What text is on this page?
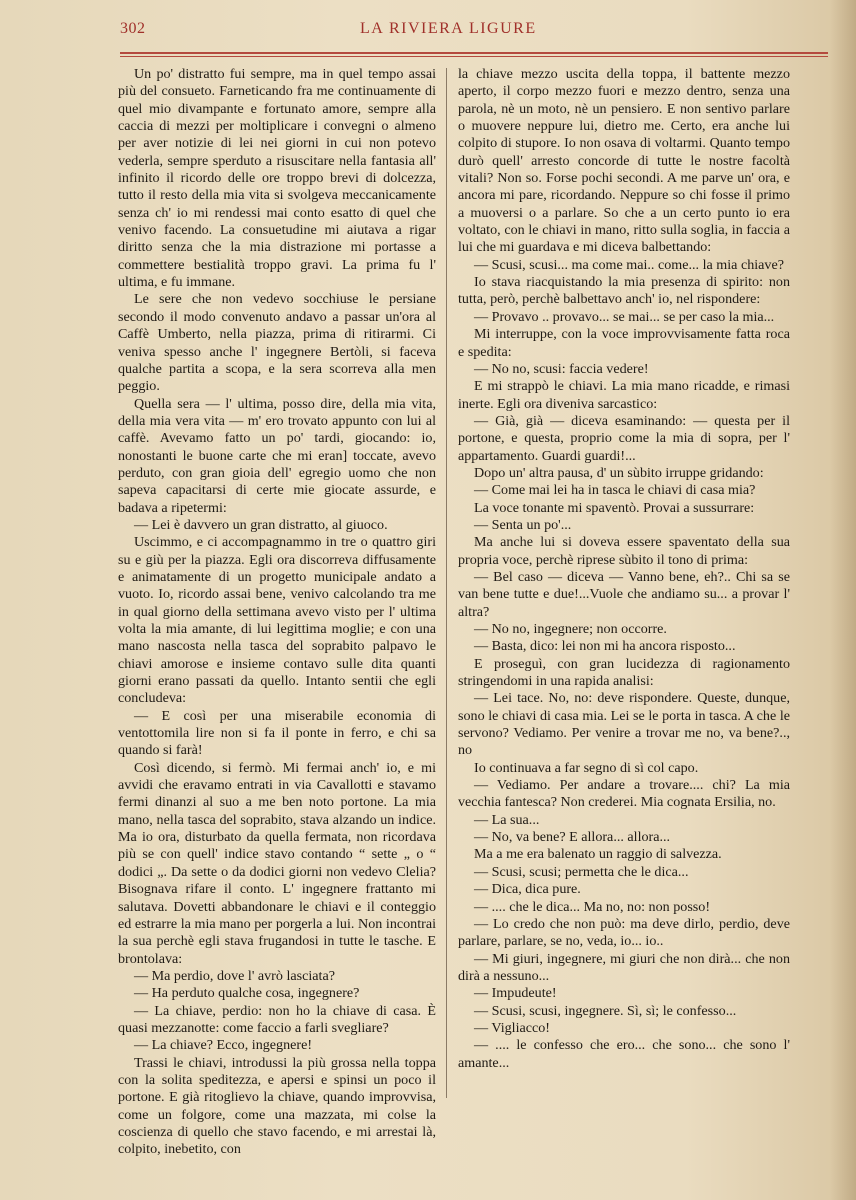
302	LA RIVIERA LIGURE

Un po' distratto fui sempre, ma in quel tempo assai più del consueto. Farneticando fra me continuamente di quel mio divampante e fortunato amore, sempre alla caccia di mezzi per moltiplicare i convegni o almeno per aver notizie di lei nei giorni in cui non potevo vederla, sempre sperduto a risuscitare nella fantasia all' infinito il ricordo delle ore troppo brevi di dolcezza, tutto il resto della mia vita si svolgeva meccanicamente senza ch' io mi rendessi mai conto esatto di quel che venivo facendo. La consuetudine mi aiutava a rigar diritto senza che la mia distrazione mi portasse a commettere bestialità troppo gravi. La prima fu l' ultima, e fu immane.

Le sere che non vedevo socchiuse le persiane secondo il modo convenuto andavo a passar un'ora al Caffè Umberto, nella piazza, prima di ritirarmi. Ci veniva spesso anche l' ingegnere Bertòli, si faceva qualche partita a scopa, e la sera scorreva alla men peggio.

Quella sera — l' ultima, posso dire, della mia vita, della mia vera vita — m' ero trovato appunto con lui al caffè. Avevamo fatto un po' tardi, giocando: io, nonostanti le buone carte che mi eran] toccate, avevo perduto, con gran gioia dell' egregio uomo che non sapeva capacitarsi di certe mie giocate assurde, e badava a ripetermi:

— Lei è davvero un gran distratto, al giuoco.

Uscimmo, e ci accompagnammo in tre o quattro giri su e giù per la piazza. Egli ora discorreva diffusamente e animatamente di un progetto municipale andato a vuoto. Io, ricordo assai bene, venivo calcolando tra me in qual giorno della settimana avevo visto per l' ultima volta la mia amante, di lui legittima moglie; e con una mano nascosta nella tasca del soprabito palpavo le chiavi amorose e insieme contavo sulle dita quanti giorni erano passati da quello. Intanto sentii che egli concludeva:

— E così per una miserabile economia di ventottomila lire non si fa il ponte in ferro, e chi sa quando si farà!

Così dicendo, si fermò. Mi fermai anch' io, e mi avvidi che eravamo entrati in via Cavallotti e stavamo fermi dinanzi al suo a me ben noto portone. La mia mano, nella tasca del soprabito, stava alzando un indice. Ma io ora, disturbato da quella fermata, non ricordava più se con quell' indice stavo contando “ sette „ o “ dodici „. Da sette o da dodici giorni non vedevo Clelia? Bisognava rifare il conto. L' ingegnere frattanto mi salutava. Dovetti abbandonare le chiavi e il conteggio ed estrarre la mia mano per porgerla a lui. Non incontrai la sua perchè egli stava frugandosi in tutte le tasche. E brontolava:

— Ma perdio, dove l' avrò lasciata?

— Ha perduto qualche cosa, ingegnere?

— La chiave, perdio: non ho la chiave di casa. È quasi mezzanotte: come faccio a farli svegliare?

— La chiave? Ecco, ingegnere!

Trassi le chiavi, introdussi la più grossa nella toppa con la solita speditezza, e apersi e spinsi un poco il portone. E già ritoglievo la chiave, quando improvvisa, come un folgore, come una mazzata, mi colse la coscienza di quello che stavo facendo, e mi arrestai là, colpito, inebetito, con

la chiave mezzo uscita della toppa, il battente mezzo aperto, il corpo mezzo fuori e mezzo dentro, senza una parola, nè un moto, nè un pensiero. E non sentivo parlare o muovere neppure lui, dietro me. Certo, era anche lui colpito di stupore. Io non osava di voltarmi. Quanto tempo durò quell' arresto concorde di tutte le nostre facoltà vitali? Non so. Forse pochi secondi. A me parve un' ora, e ancora mi pare, ricordando. Neppure so chi fosse il primo a muoversi o a parlare. So che a un certo punto io era voltato, con le chiavi in mano, ritto sulla soglia, in faccia a lui che mi guardava e mi diceva balbettando:

— Scusi, scusi... ma come mai.. come... la mia chiave?

Io stava riacquistando la mia presenza di spirito: non tutta, però, perchè balbettavo anch' io, nel rispondere:

— Provavo .. provavo... se mai... se per caso la mia...

Mi interruppe, con la voce improvvisamente fatta roca e spedita:

— No no, scusi: faccia vedere!

E mi strappò le chiavi. La mia mano ricadde, e rimasi inerte. Egli ora diveniva sarcastico:

— Già, già — diceva esaminando: — questa per il portone, e questa, proprio come la mia di sopra, per l' appartamento. Guardi guardi!...

Dopo un' altra pausa, d' un sùbito irruppe gridando:

— Come mai lei ha in tasca le chiavi di casa mia?

La voce tonante mi spaventò. Provai a sussurrare:

— Senta un po'...

Ma anche lui si doveva essere spaventato della sua propria voce, perchè riprese sùbito il tono di prima:

— Bel caso — diceva — Vanno bene, eh?.. Chi sa se van bene tutte e due!...Vuole che andiamo su... a provar l' altra?

— No no, ingegnere; non occorre.

— Basta, dico: lei non mi ha ancora risposto...

E proseguì, con gran lucidezza di ragionamento stringendomi in una rapida analisi:

— Lei tace. No, no: deve rispondere. Queste, dunque, sono le chiavi di casa mia. Lei se le porta in tasca. A che le servono? Vediamo. Per venire a trovar me no, va bene?.., no

Io continuava a far segno di sì col capo.

— Vediamo. Per andare a trovare.... chi? La mia vecchia fantesca? Non crederei. Mia cognata Ersilia, no.

— La sua...

— No, va bene? E allora... allora...

Ma a me era balenato un raggio di salvezza.

— Scusi, scusi; permetta che le dica...

— Dica, dica pure.

— .... che le dica... Ma no, no: non posso!

— Lo credo che non può: ma deve dirlo, perdio, deve parlare, parlare, se no, veda, io... io..

— Mi giuri, ingegnere, mi giuri che non dirà... che non dirà a nessuno...

— Impudeute!

— Scusi, scusi, ingegnere. Sì, sì; le confesso...

— Vigliacco!

— .... le confesso che ero... che sono... che sono l' amante...
